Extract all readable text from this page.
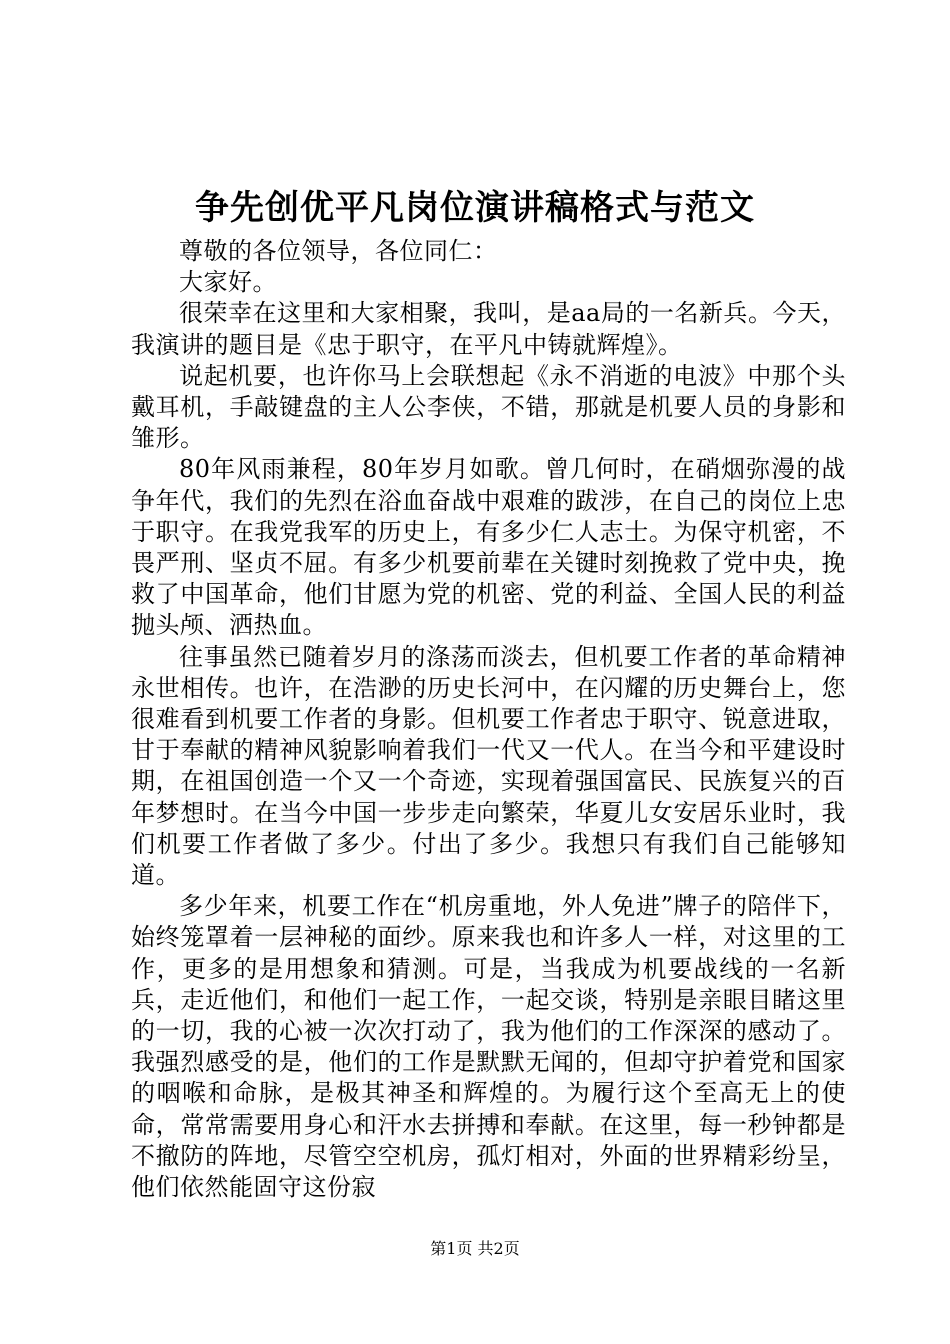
争先创优平凡岗位演讲稿格式与范文

尊敬的各位领导，各位同仁：

大家好。

很荣幸在这里和大家相聚，我叫，是aa局的一名新兵。今天，我演讲的题目是《忠于职守，在平凡中铸就辉煌》。

说起机要，也许你马上会联想起《永不消逝的电波》中那个头戴耳机，手敲键盘的主人公李侠，不错，那就是机要人员的身影和雏形。

80年风雨兼程，80年岁月如歌。曾几何时，在硝烟弥漫的战争年代，我们的先烈在浴血奋战中艰难的跋涉，在自己的岗位上忠于职守。在我党我军的历史上，有多少仁人志士。为保守机密，不畏严刑、坚贞不屈。有多少机要前辈在关键时刻挽救了党中央，挽救了中国革命，他们甘愿为党的机密、党的利益、全国人民的利益抛头颅、洒热血。

往事虽然已随着岁月的涤荡而淡去，但机要工作者的革命精神永世相传。也许，在浩渺的历史长河中，在闪耀的历史舞台上，您很难看到机要工作者的身影。但机要工作者忠于职守、锐意进取，甘于奉献的精神风貌影响着我们一代又一代人。在当今和平建设时期，在祖国创造一个又一个奇迹，实现着强国富民、民族复兴的百年梦想时。在当今中国一步步走向繁荣，华夏儿女安居乐业时，我们机要工作者做了多少。付出了多少。我想只有我们自己能够知道。

多少年来，机要工作在“机房重地，外人免进”牌子的陪伴下，始终笼罩着一层神秘的面纱。原来我也和许多人一样，对这里的工作，更多的是用想象和猜测。可是，当我成为机要战线的一名新兵，走近他们，和他们一起工作，一起交谈，特别是亲眼目睹这里的一切，我的心被一次次打动了，我为他们的工作深深的感动了。我强烈感受的是，他们的工作是默默无闻的，但却守护着党和国家的咽喉和命脉，是极其神圣和辉煌的。为履行这个至高无上的使命，常常需要用身心和汗水去拼搏和奉献。在这里，每一秒钟都是不撤防的阵地，尽管空空机房，孤灯相对，外面的世界精彩纷呈，他们依然能固守这份寂

第1页 共2页
